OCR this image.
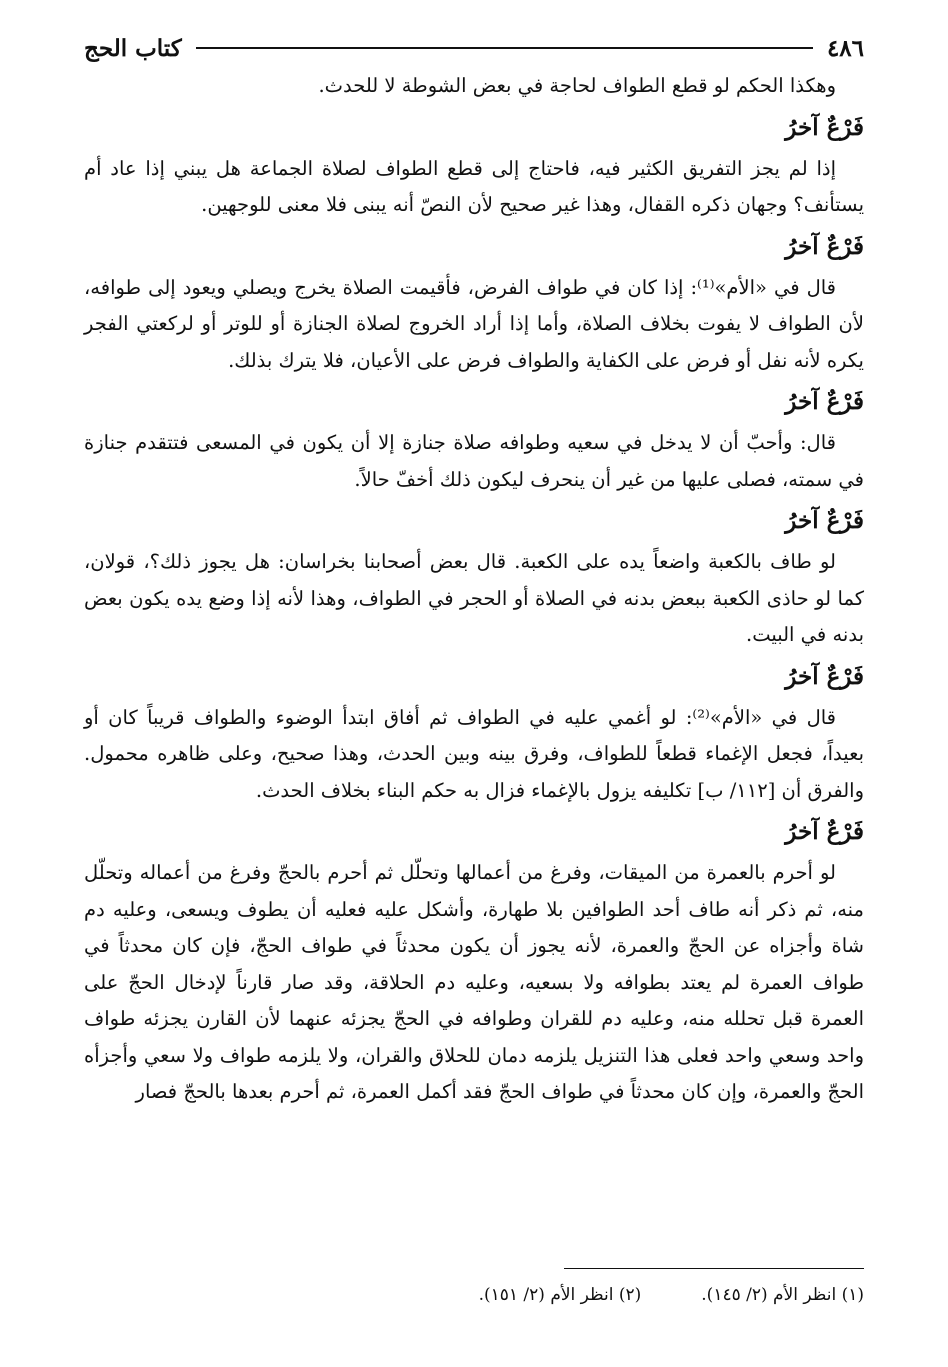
٤٨٦
كتاب الحج

وهكذا الحكم لو قطع الطواف لحاجة في بعض الشوطة لا للحدث.

فَرْعٌ آخرُ

إذا لم يجز التفريق الكثير فيه، فاحتاج إلى قطع الطواف لصلاة الجماعة هل يبني إذا عاد أم يستأنف؟ وجهان ذكره القفال، وهذا غير صحيح لأن النصّ أنه يبنى فلا معنى للوجهين.

فَرْعٌ آخرُ

قال في «الأم»⁽¹⁾: إذا كان في طواف الفرض، فأقيمت الصلاة يخرج ويصلي ويعود إلى طوافه، لأن الطواف لا يفوت بخلاف الصلاة، وأما إذا أراد الخروج لصلاة الجنازة أو للوتر أو لركعتي الفجر يكره لأنه نفل أو فرض على الكفاية والطواف فرض على الأعيان، فلا يترك بذلك.

فَرْعٌ آخرُ

قال: وأحبّ أن لا يدخل في سعيه وطوافه صلاة جنازة إلا أن يكون في المسعى فتتقدم جنازة في سمته، فصلى عليها من غير أن ينحرف ليكون ذلك أخفّ حالاً.

فَرْعٌ آخرُ

لو طاف بالكعبة واضعاً يده على الكعبة. قال بعض أصحابنا بخراسان: هل يجوز ذلك؟، قولان، كما لو حاذى الكعبة ببعض بدنه في الصلاة أو الحجر في الطواف، وهذا لأنه إذا وضع يده يكون بعض بدنه في البيت.

فَرْعٌ آخرُ

قال في «الأم»⁽²⁾: لو أغمي عليه في الطواف ثم أفاق ابتدأ الوضوء والطواف قريباً كان أو بعيداً، فجعل الإغماء قطعاً للطواف، وفرق بينه وبين الحدث، وهذا صحيح، وعلى ظاهره محمول. والفرق أن [١١٢/ ب] تكليفه يزول بالإغماء فزال به حكم البناء بخلاف الحدث.

فَرْعٌ آخرُ

لو أحرم بالعمرة من الميقات، وفرغ من أعمالها وتحلّل ثم أحرم بالحجّ وفرغ من أعماله وتحلّل منه، ثم ذكر أنه طاف أحد الطوافين بلا طهارة، وأشكل عليه فعليه أن يطوف ويسعى، وعليه دم شاة وأجزاه عن الحجّ والعمرة، لأنه يجوز أن يكون محدثاً في طواف الحجّ، فإن كان محدثاً في طواف العمرة لم يعتد بطوافه ولا بسعيه، وعليه دم الحلاقة، وقد صار قارناً لإدخال الحجّ على العمرة قبل تحلله منه، وعليه دم للقران وطوافه في الحجّ يجزئه عنهما لأن القارن يجزئه طواف واحد وسعي واحد فعلى هذا التنزيل يلزمه دمان للحلاق والقران، ولا يلزمه طواف ولا سعي وأجزأه الحجّ والعمرة، وإن كان محدثاً في طواف الحجّ فقد أكمل العمرة، ثم أحرم بعدها بالحجّ فصار

(١) انظر الأم (٢/ ١٤٥).
(٢) انظر الأم (٢/ ١٥١).
